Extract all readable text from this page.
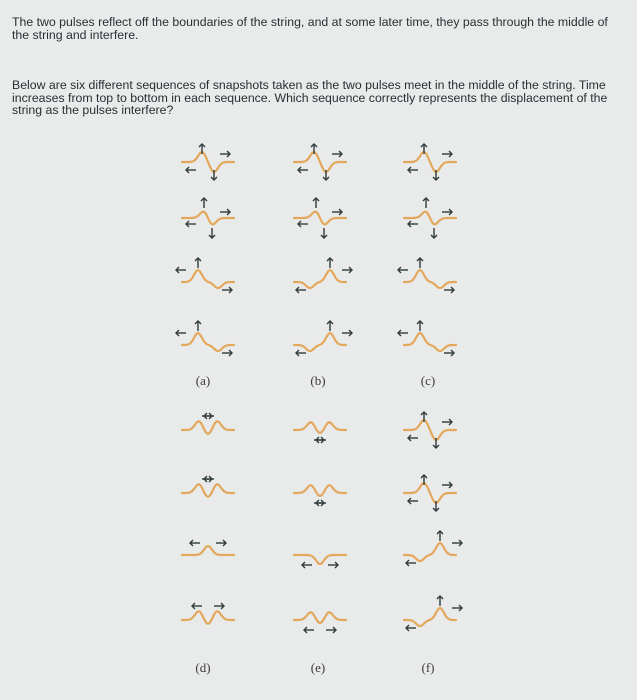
The two pulses reflect off the boundaries of the string, and at some later time, they pass through the middle of the string and interfere.
Below are six different sequences of snapshots taken as the two pulses meet in the middle of the string. Time increases from top to bottom in each sequence. Which sequence correctly represents the displacement of the string as the pulses interfere?
(a)	(b)	(c)
(d)	(e)	(f)
